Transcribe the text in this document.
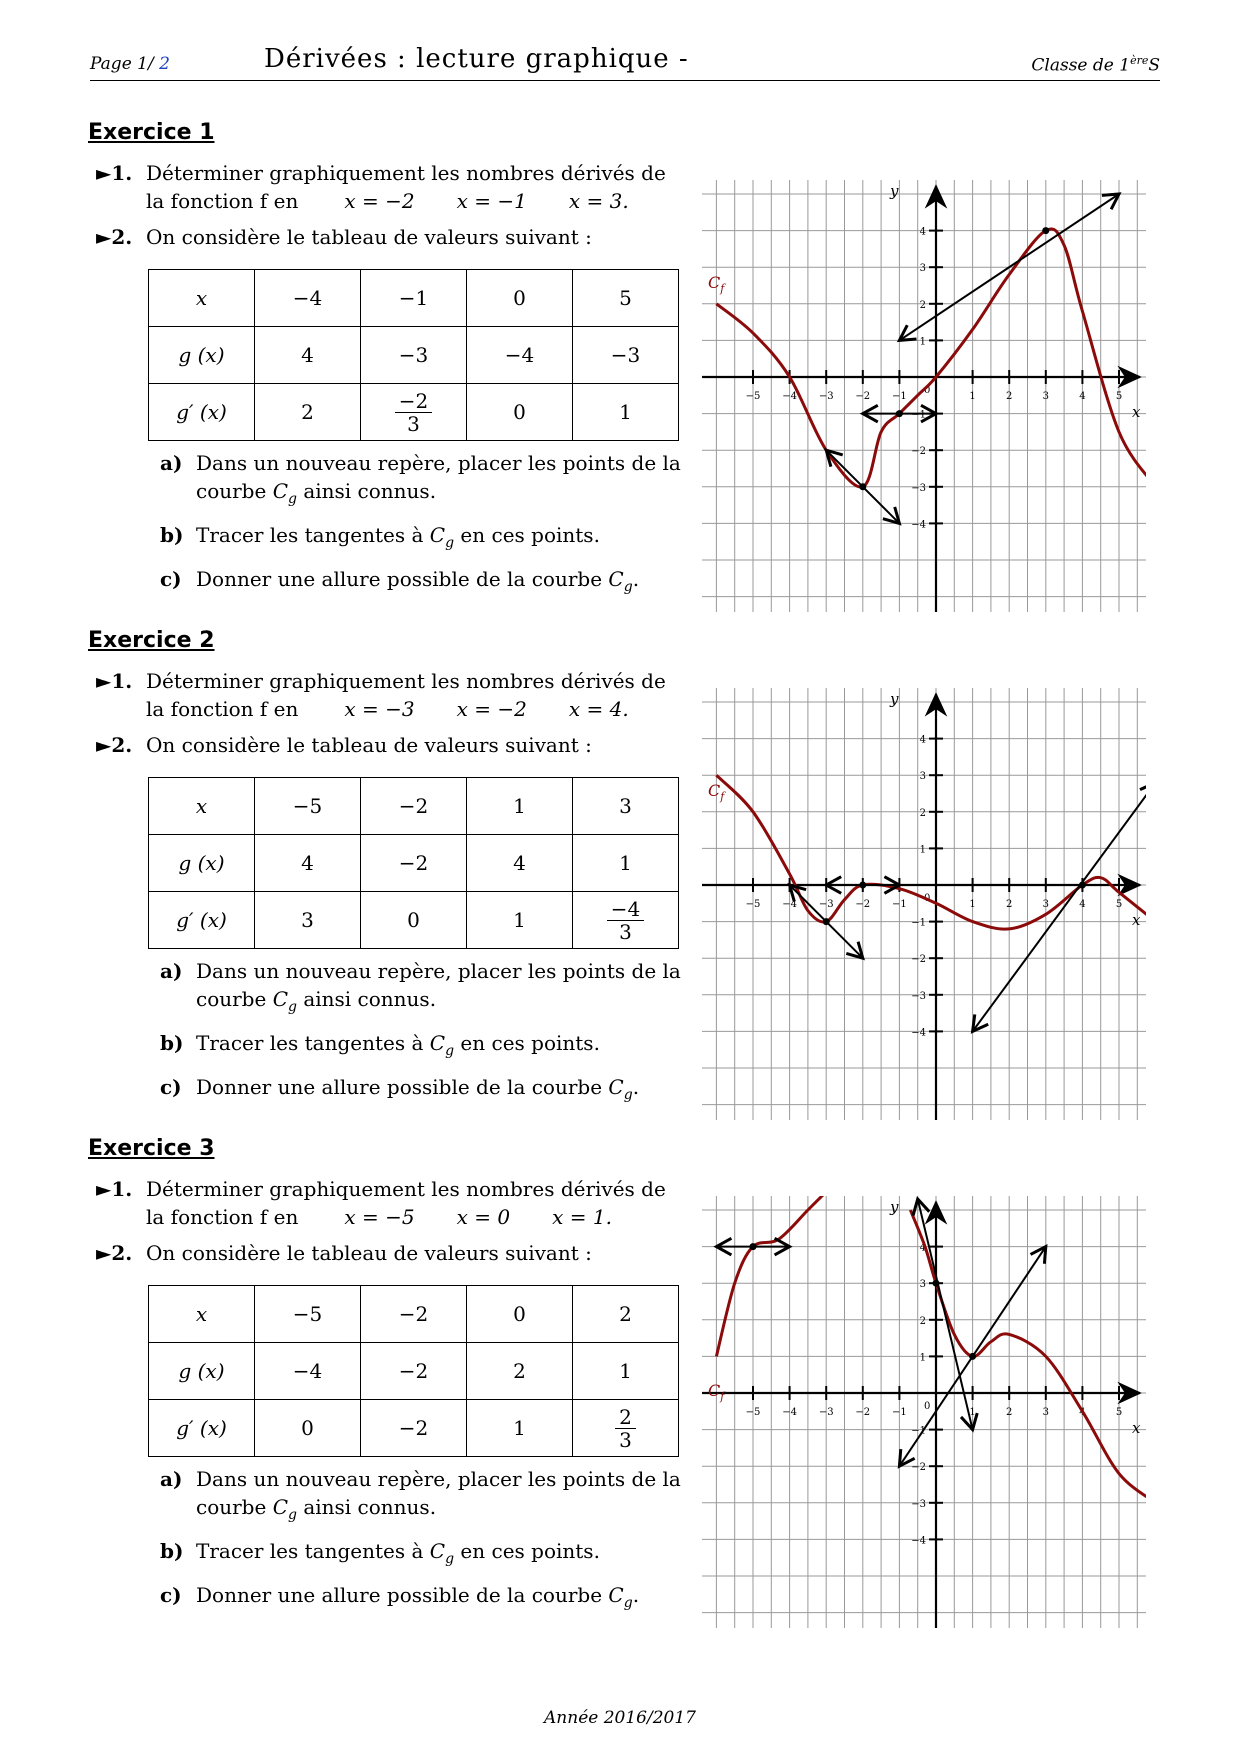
Page 1/ 2	Dérivées : lecture graphique -	Classe de 1èreS
Exercice 1
►1. Déterminer graphiquement les nombres dérivés de la fonction f en x = −2 x = −1 x = 3.
►2. On considère le tableau de valeurs suivant :
x	−4	−1	0	5
g (x)	4	−3	−4	−3
g′ (x)	2	$\frac{-2}{3}$	0	1
a) Dans un nouveau repère, placer les points de la courbe $C_g$ ainsi connus.
b) Tracer les tangentes à $C_g$ en ces points.
c) Donner une allure possible de la courbe $C_g$.
−5 −4 −3 −2 −1	1	2	3	4	5
4
3
2
1
−1
−2
−3
−4
0
x
y
$C_f$
Exercice 2
►1. Déterminer graphiquement les nombres dérivés de la fonction f en x = −3 x = −2 x = 4.
►2. On considère le tableau de valeurs suivant :
x	−5	−2	1	3
g (x)	4	−2	4	1
g′ (x)	3	0	1	$\frac{-4}{3}$
a) Dans un nouveau repère, placer les points de la courbe $C_g$ ainsi connus.
b) Tracer les tangentes à $C_g$ en ces points.
c) Donner une allure possible de la courbe $C_g$.
−5 −4 −3 −2 −1	1	2	3	4	5
4
3
2
1
−1
−2
−3
−4
0
x
y
$C_f$
Exercice 3
►1. Déterminer graphiquement les nombres dérivés de la fonction f en x = −5 x = 0 x = 1.
►2. On considère le tableau de valeurs suivant :
x	−5	−2	0	2
g (x)	−4	−2	2	1
g′ (x)	0	−2	1	$\frac{2}{3}$
a) Dans un nouveau repère, placer les points de la courbe $C_g$ ainsi connus.
b) Tracer les tangentes à $C_g$ en ces points.
c) Donner une allure possible de la courbe $C_g$.
−5 −4 −3 −2 −1	1	2	3	4	5
4
3
2
1
−1
−2
−3
−4
0
x
y
$C_f$
Année 2016/2017
